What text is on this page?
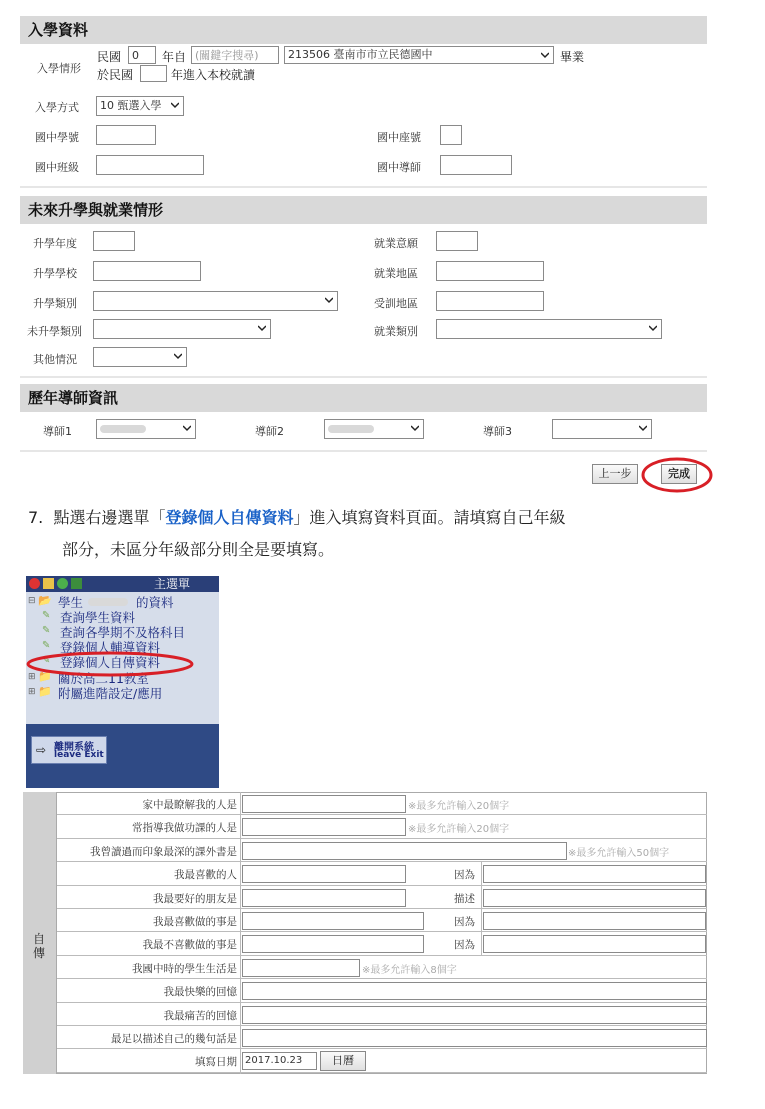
入學資料
入學情形
民國 0	年自 (關鍵字搜尋)	213506 臺南市市立民德國中	畢業
於民國	年進入本校就讀
入學方式	10 甄選入學
國中學號	國中座號
國中班級	國中導師
未來升學與就業情形
升學年度	就業意願
升學學校	就業地區
升學類別	受訓地區
未升學類別	就業類別
其他情況
歷年導師資訊
導師1	導師2	導師3
上一步	完成
7. 點選右邊選單「登錄個人自傳資料」進入填寫資料頁面。請填寫自己年級
部分，未區分年級部分則全是要填寫。
主選單
⊟ 📂 學生	的資料
✎ 查詢學生資料
✎ 查詢各學期不及格科目
✎ 登錄個人輔導資料
✎ 登錄個人自傳資料
⊞ 📁 關於高二11教室
⊞ 📁 附屬進階設定/應用
⇨ 離開系統
leave Exit
自傳
家中最瞭解我的人是	※最多允許輸入20個字
常指導我做功課的人是	※最多允許輸入20個字
我曾讀過而印象最深的課外書是	※最多允許輸入50個字
我最喜歡的人	因為
我最要好的朋友是	描述
我最喜歡做的事是	因為
我最不喜歡做的事是	因為
我國中時的學生生活是	※最多允許輸入8個字
我最快樂的回憶
我最痛苦的回憶
最足以描述自己的幾句話是
填寫日期 2017.10.23	日曆
